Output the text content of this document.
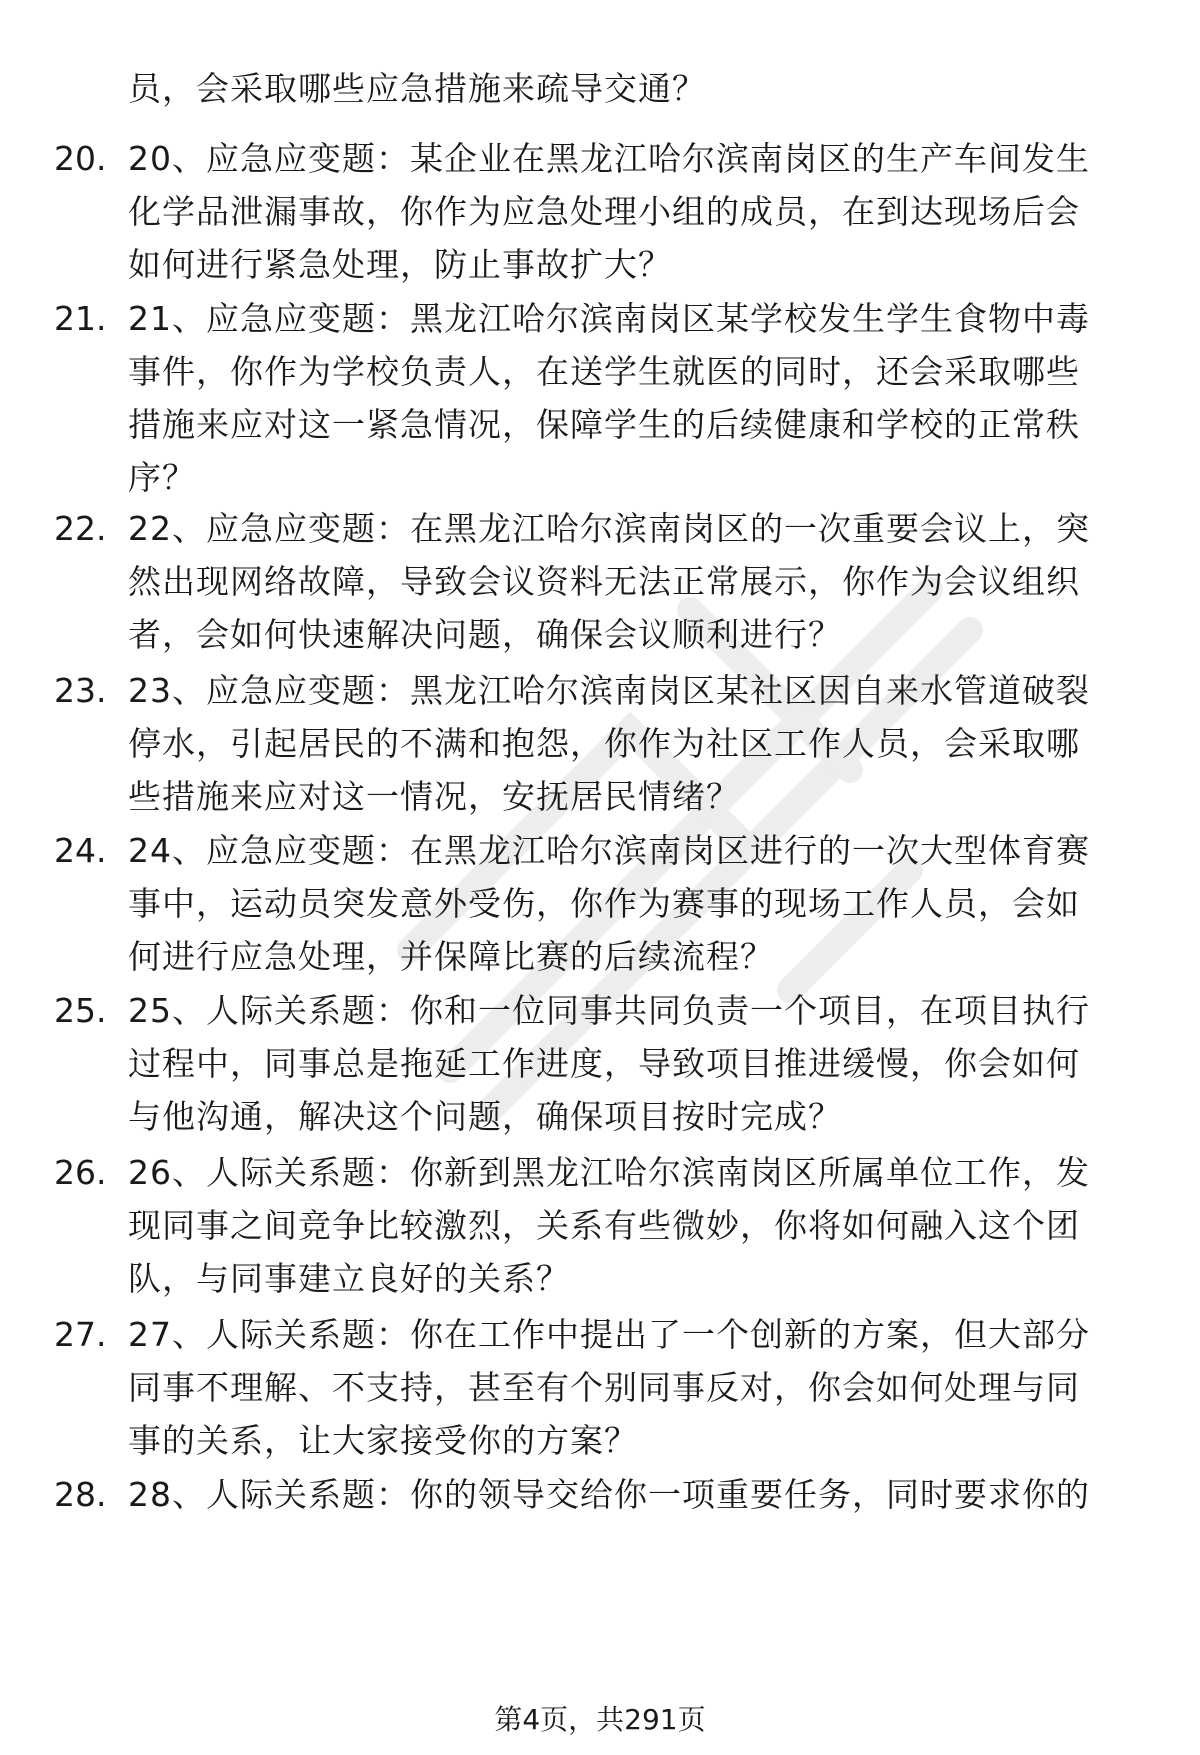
员，会采取哪些应急措施来疏导交通？
20. 20、应急应变题：某企业在黑龙江哈尔滨南岗区的生产车间发生
化学品泄漏事故，你作为应急处理小组的成员，在到达现场后会
如何进行紧急处理，防止事故扩大？
21. 21、应急应变题：黑龙江哈尔滨南岗区某学校发生学生食物中毒
事件，你作为学校负责人，在送学生就医的同时，还会采取哪些
措施来应对这一紧急情况，保障学生的后续健康和学校的正常秩
序？
22. 22、应急应变题：在黑龙江哈尔滨南岗区的一次重要会议上，突
然出现网络故障，导致会议资料无法正常展示，你作为会议组织
者，会如何快速解决问题，确保会议顺利进行？
23. 23、应急应变题：黑龙江哈尔滨南岗区某社区因自来水管道破裂
停水，引起居民的不满和抱怨，你作为社区工作人员，会采取哪
些措施来应对这一情况，安抚居民情绪？
24. 24、应急应变题：在黑龙江哈尔滨南岗区进行的一次大型体育赛
事中，运动员突发意外受伤，你作为赛事的现场工作人员，会如
何进行应急处理，并保障比赛的后续流程？
25. 25、人际关系题：你和一位同事共同负责一个项目，在项目执行
过程中，同事总是拖延工作进度，导致项目推进缓慢，你会如何
与他沟通，解决这个问题，确保项目按时完成？
26. 26、人际关系题：你新到黑龙江哈尔滨南岗区所属单位工作，发
现同事之间竞争比较激烈，关系有些微妙，你将如何融入这个团
队，与同事建立良好的关系？
27. 27、人际关系题：你在工作中提出了一个创新的方案，但大部分
同事不理解、不支持，甚至有个别同事反对，你会如何处理与同
事的关系，让大家接受你的方案？
28. 28、人际关系题：你的领导交给你一项重要任务，同时要求你的
第4页，共291页
